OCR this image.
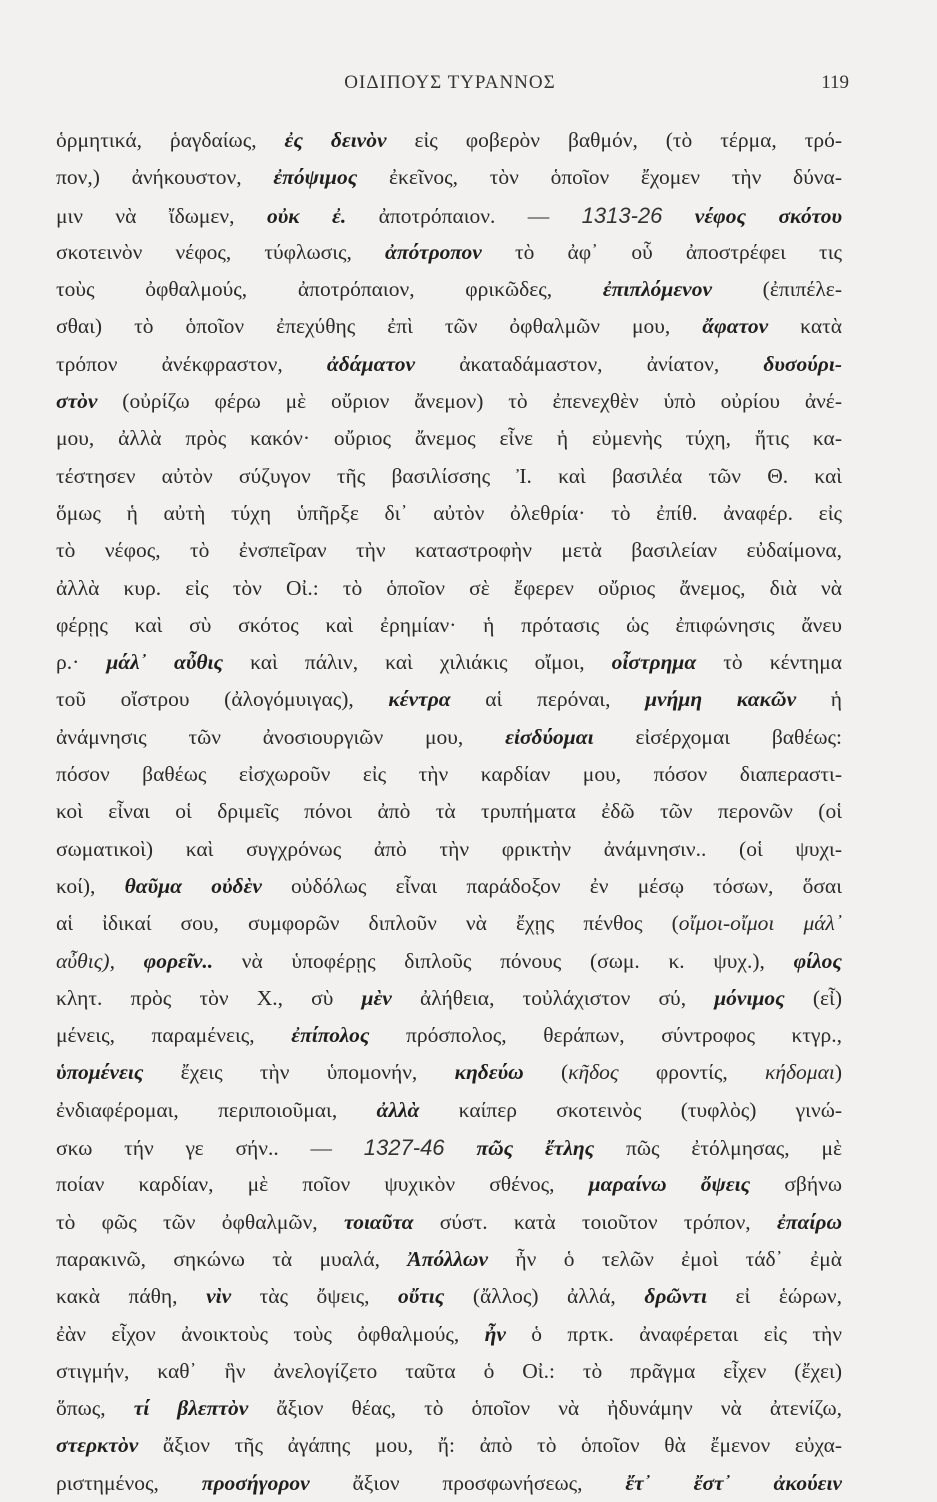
ΟΙΔΙΠΟΥΣ ΤΥΡΑΝΝΟΣ	119
ὁρμητικά, ῥαγδαίως, ἐς δεινὸν εἰς φοβερὸν βαθμόν, (τὸ τέρμα, τρό-
πον,) ἀνήκουστον, ἐπόψιμος ἐκεῖνος, τὸν ὁποῖον ἔχομεν τὴν δύνα-
μιν νὰ ἴδωμεν, οὐκ ἐ. ἀποτρόπαιον. — 1313-26 νέφος σκότου
σκοτεινὸν νέφος, τύφλωσις, ἀπότροπον τὸ ἀφ᾽ οὗ ἀποστρέφει τις
τοὺς ὀφθαλμούς, ἀποτρόπαιον, φρικῶδες, ἐπιπλόμενον (ἐπιπέλε-
σθαι) τὸ ὁποῖον ἐπεχύθης ἐπὶ τῶν ὀφθαλμῶν μου, ἄφατον κατὰ
τρόπον ἀνέκφραστον, ἀδάματον ἀκαταδάμαστον, ἀνίατον, δυσούρι-
στὸν (οὐρίζω φέρω μὲ οὔριον ἄνεμον) τὸ ἐπενεχθὲν ὑπὸ οὐρίου ἀνέ-
μου, ἀλλὰ πρὸς κακόν· οὔριος ἄνεμος εἶνε ἡ εὐμενὴς τύχη, ἥτις κα-
τέστησεν αὐτὸν σύζυγον τῆς βασιλίσσης Ἰ. καὶ βασιλέα τῶν Θ. καὶ
ὅμως ἡ αὐτὴ τύχη ὑπῆρξε δι᾽ αὐτὸν ὀλεθρία· τὸ ἐπίθ. ἀναφέρ. εἰς
τὸ νέφος, τὸ ἐνσπεῖραν τὴν καταστροφὴν μετὰ βασιλείαν εὐδαίμονα,
ἀλλὰ κυρ. εἰς τὸν Οἰ.: τὸ ὁποῖον σὲ ἔφερεν οὔριος ἄνεμος, διὰ νὰ
φέρῃς καὶ σὺ σκότος καὶ ἐρημίαν· ἡ πρότασις ὡς ἐπιφώνησις ἄνευ
ρ.· μάλ᾽ αὖθις καὶ πάλιν, καὶ χιλιάκις οἴμοι, οἶστρημα τὸ κέντημα
τοῦ οἴστρου (ἀλογόμυιγας), κέντρα αἱ περόναι, μνήμη κακῶν ἡ
ἀνάμνησις τῶν ἀνοσιουργιῶν μου, εἰσδύομαι εἰσέρχομαι βαθέως:
πόσον βαθέως εἰσχωροῦν εἰς τὴν καρδίαν μου, πόσον διαπεραστι-
κοὶ εἶναι οἱ δριμεῖς πόνοι ἀπὸ τὰ τρυπήματα ἐδῶ τῶν περονῶν (οἱ
σωματικοὶ) καὶ συγχρόνως ἀπὸ τὴν φρικτὴν ἀνάμνησιν.. (οἱ ψυχι-
κοί), θαῦμα οὐδὲν οὐδόλως εἶναι παράδοξον ἐν μέσῳ τόσων, ὅσαι
αἱ ἰδικαί σου, συμφορῶν διπλοῦν νὰ ἔχῃς πένθος (οἴμοι-οἴμοι μάλ᾽
αὖθις), φορεῖν.. νὰ ὑποφέρῃς διπλοῦς πόνους (σωμ. κ. ψυχ.), φίλος
κλητ. πρὸς τὸν Χ., σὺ μὲν ἀλήθεια, τοὐλάχιστον σύ, μόνιμος (εἶ)
μένεις, παραμένεις, ἐπίπολος πρόσπολος, θεράπων, σύντροφος κτγρ.,
ὑπομένεις ἔχεις τὴν ὑπομονήν, κηδεύω (κῆδος φροντίς, κήδομαι)
ἐνδιαφέρομαι, περιποιοῦμαι, ἀλλὰ καίπερ σκοτεινὸς (τυφλὸς) γινώ-
σκω τήν γε σήν.. — 1327-46 πῶς ἔτλης πῶς ἐτόλμησας, μὲ
ποίαν καρδίαν, μὲ ποῖον ψυχικὸν σθένος, μαραίνω ὄψεις σβήνω
τὸ φῶς τῶν ὀφθαλμῶν, τοιαῦτα σύστ. κατὰ τοιοῦτον τρόπον, ἐπαίρω
παρακινῶ, σηκώνω τὰ μυαλά, Ἀπόλλων ἦν ὁ τελῶν ἐμοὶ τάδ᾽ ἐμὰ
κακὰ πάθη, νὶν τὰς ὄψεις, οὔτις (ἄλλος) ἀλλά, δρῶντι εἰ ἑώρων,
ἐὰν εἶχον ἀνοικτοὺς τοὺς ὀφθαλμούς, ἦν ὁ πρτκ. ἀναφέρεται εἰς τὴν
στιγμήν, καθ᾽ ἣν ἀνελογίζετο ταῦτα ὁ Οἰ.: τὸ πρᾶγμα εἶχεν (ἔχει)
ὅπως, τί βλεπτὸν ἄξιον θέας, τὸ ὁποῖον νὰ ἠδυνάμην νὰ ἀτενίζω,
στερκτὸν ἄξιον τῆς ἀγάπης μου, ἤ: ἀπὸ τὸ ὁποῖον θὰ ἔμενον εὐχα-
ριστημένος, προσήγορον ἄξιον προσφωνήσεως, ἔτ᾽ ἔστ᾽ ἀκούειν
